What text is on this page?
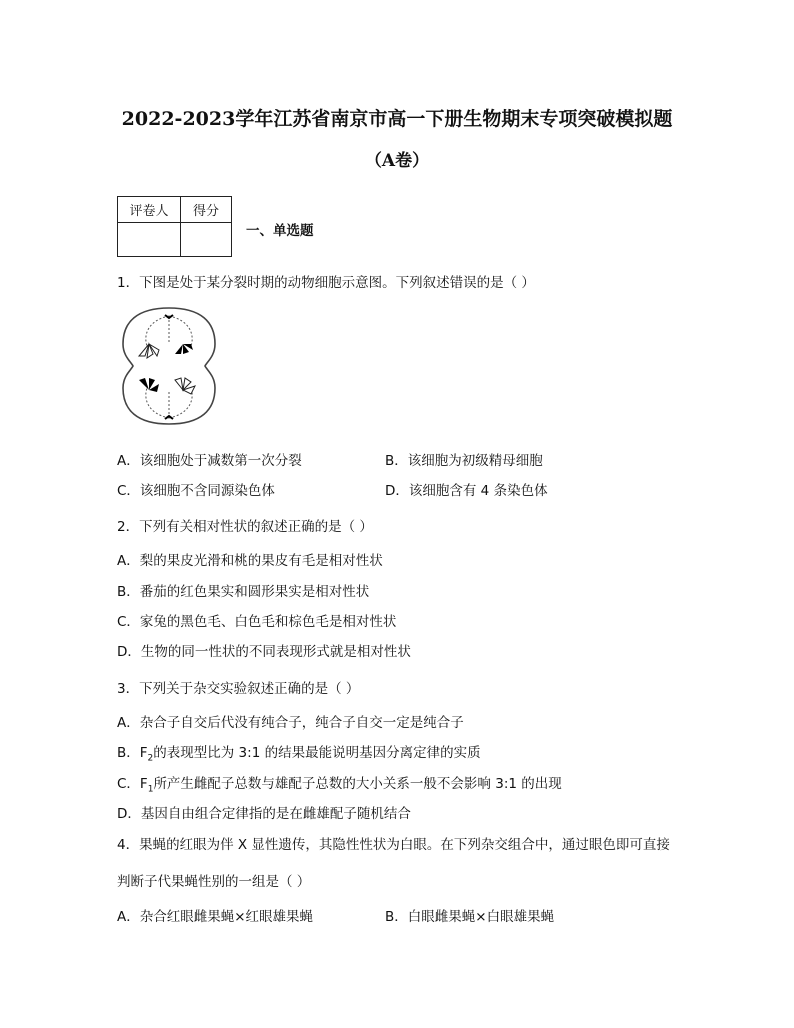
2022-2023学年江苏省南京市高一下册生物期末专项突破模拟题
（A卷）
评卷人	得分

一、单选题
1．下图是处于某分裂时期的动物细胞示意图。下列叙述错误的是（ ）
A．该细胞处于减数第一次分裂	B．该细胞为初级精母细胞
C．该细胞不含同源染色体	D．该细胞含有 4 条染色体
2．下列有关相对性状的叙述正确的是（ ）
A．梨的果皮光滑和桃的果皮有毛是相对性状
B．番茄的红色果实和圆形果实是相对性状
C．家兔的黑色毛、白色毛和棕色毛是相对性状
D．生物的同一性状的不同表现形式就是相对性状
3．下列关于杂交实验叙述正确的是（ ）
A．杂合子自交后代没有纯合子，纯合子自交一定是纯合子
B．$F_2$的表现型比为 3:1 的结果最能说明基因分离定律的实质
C．$F_1$所产生雌配子总数与雄配子总数的大小关系一般不会影响 3:1 的出现
D．基因自由组合定律指的是在雌雄配子随机结合
4．果蝇的红眼为伴 X 显性遗传，其隐性性状为白眼。在下列杂交组合中，通过眼色即可直接
判断子代果蝇性别的一组是（ ）
A．杂合红眼雌果蝇×红眼雄果蝇	B．白眼雌果蝇×白眼雄果蝇
